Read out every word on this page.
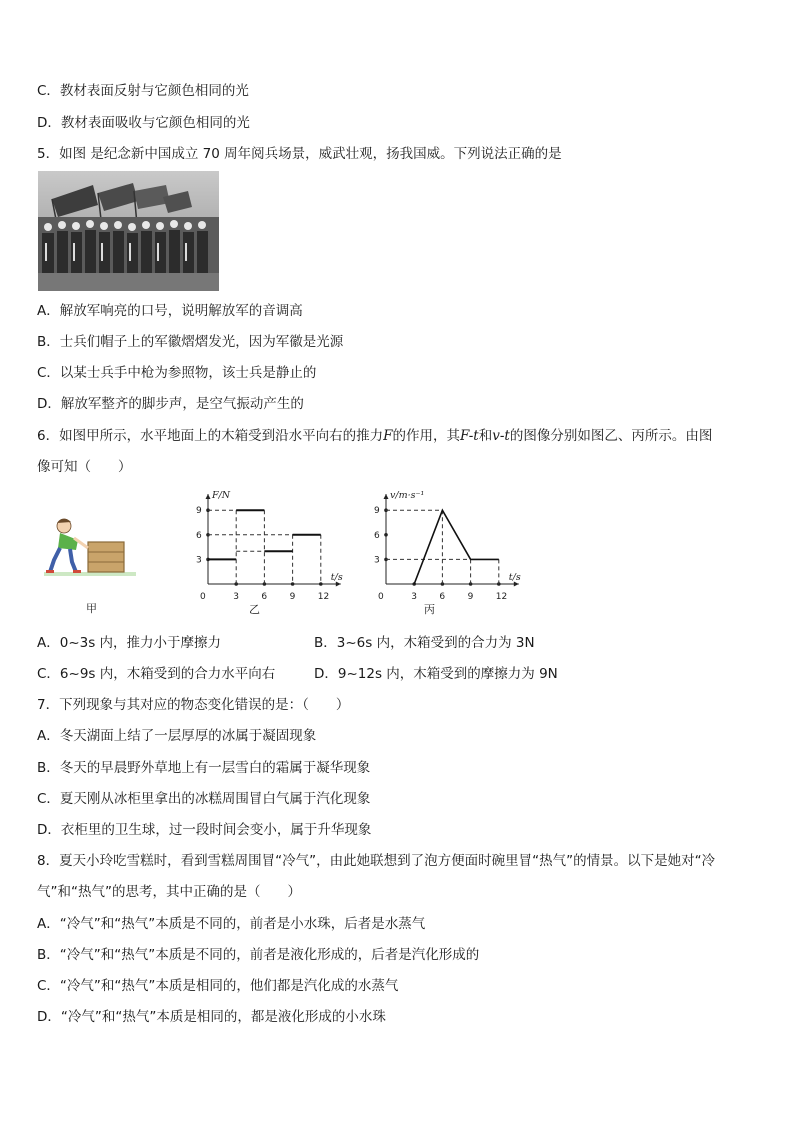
C．教材表面反射与它颜色相同的光
D．教材表面吸收与它颜色相同的光
5．如图 是纪念新中国成立 70 周年阅兵场景，威武壮观，扬我国威。下列说法正确的是
A．解放军响亮的口号，说明解放军的音调高
B．士兵们帽子上的军徽熠熠发光，因为军徽是光源
C．以某士兵手中枪为参照物，该士兵是静止的
D．解放军整齐的脚步声，是空气振动产生的
6．如图甲所示，水平地面上的木箱受到沿水平向右的推力F的作用，其F-t和v-t的图像分别如图乙、丙所示。由图
像可知（　　）
甲
F/N
t/s
0	3 6 9 12
3
6
9
乙
v/m·s⁻¹
t/s
0	3 6 9 12
3
6
9
丙
A．0~3s 内，推力小于摩擦力	B．3~6s 内，木箱受到的合力为 3N
C．6~9s 内，木箱受到的合力水平向右	D．9~12s 内，木箱受到的摩擦力为 9N
7．下列现象与其对应的物态变化错误的是：（　　）
A．冬天湖面上结了一层厚厚的冰属于凝固现象
B．冬天的早晨野外草地上有一层雪白的霜属于凝华现象
C．夏天刚从冰柜里拿出的冰糕周围冒白气属于汽化现象
D．衣柜里的卫生球，过一段时间会变小，属于升华现象
8．夏天小玲吃雪糕时，看到雪糕周围冒“冷气”，由此她联想到了泡方便面时碗里冒“热气”的情景。以下是她对“冷
气”和“热气”的思考，其中正确的是（　　）
A．“冷气”和“热气”本质是不同的，前者是小水珠，后者是水蒸气
B．“冷气”和“热气”本质是不同的，前者是液化形成的，后者是汽化形成的
C．“冷气”和“热气”本质是相同的，他们都是汽化成的水蒸气
D．“冷气”和“热气”本质是相同的，都是液化形成的小水珠
